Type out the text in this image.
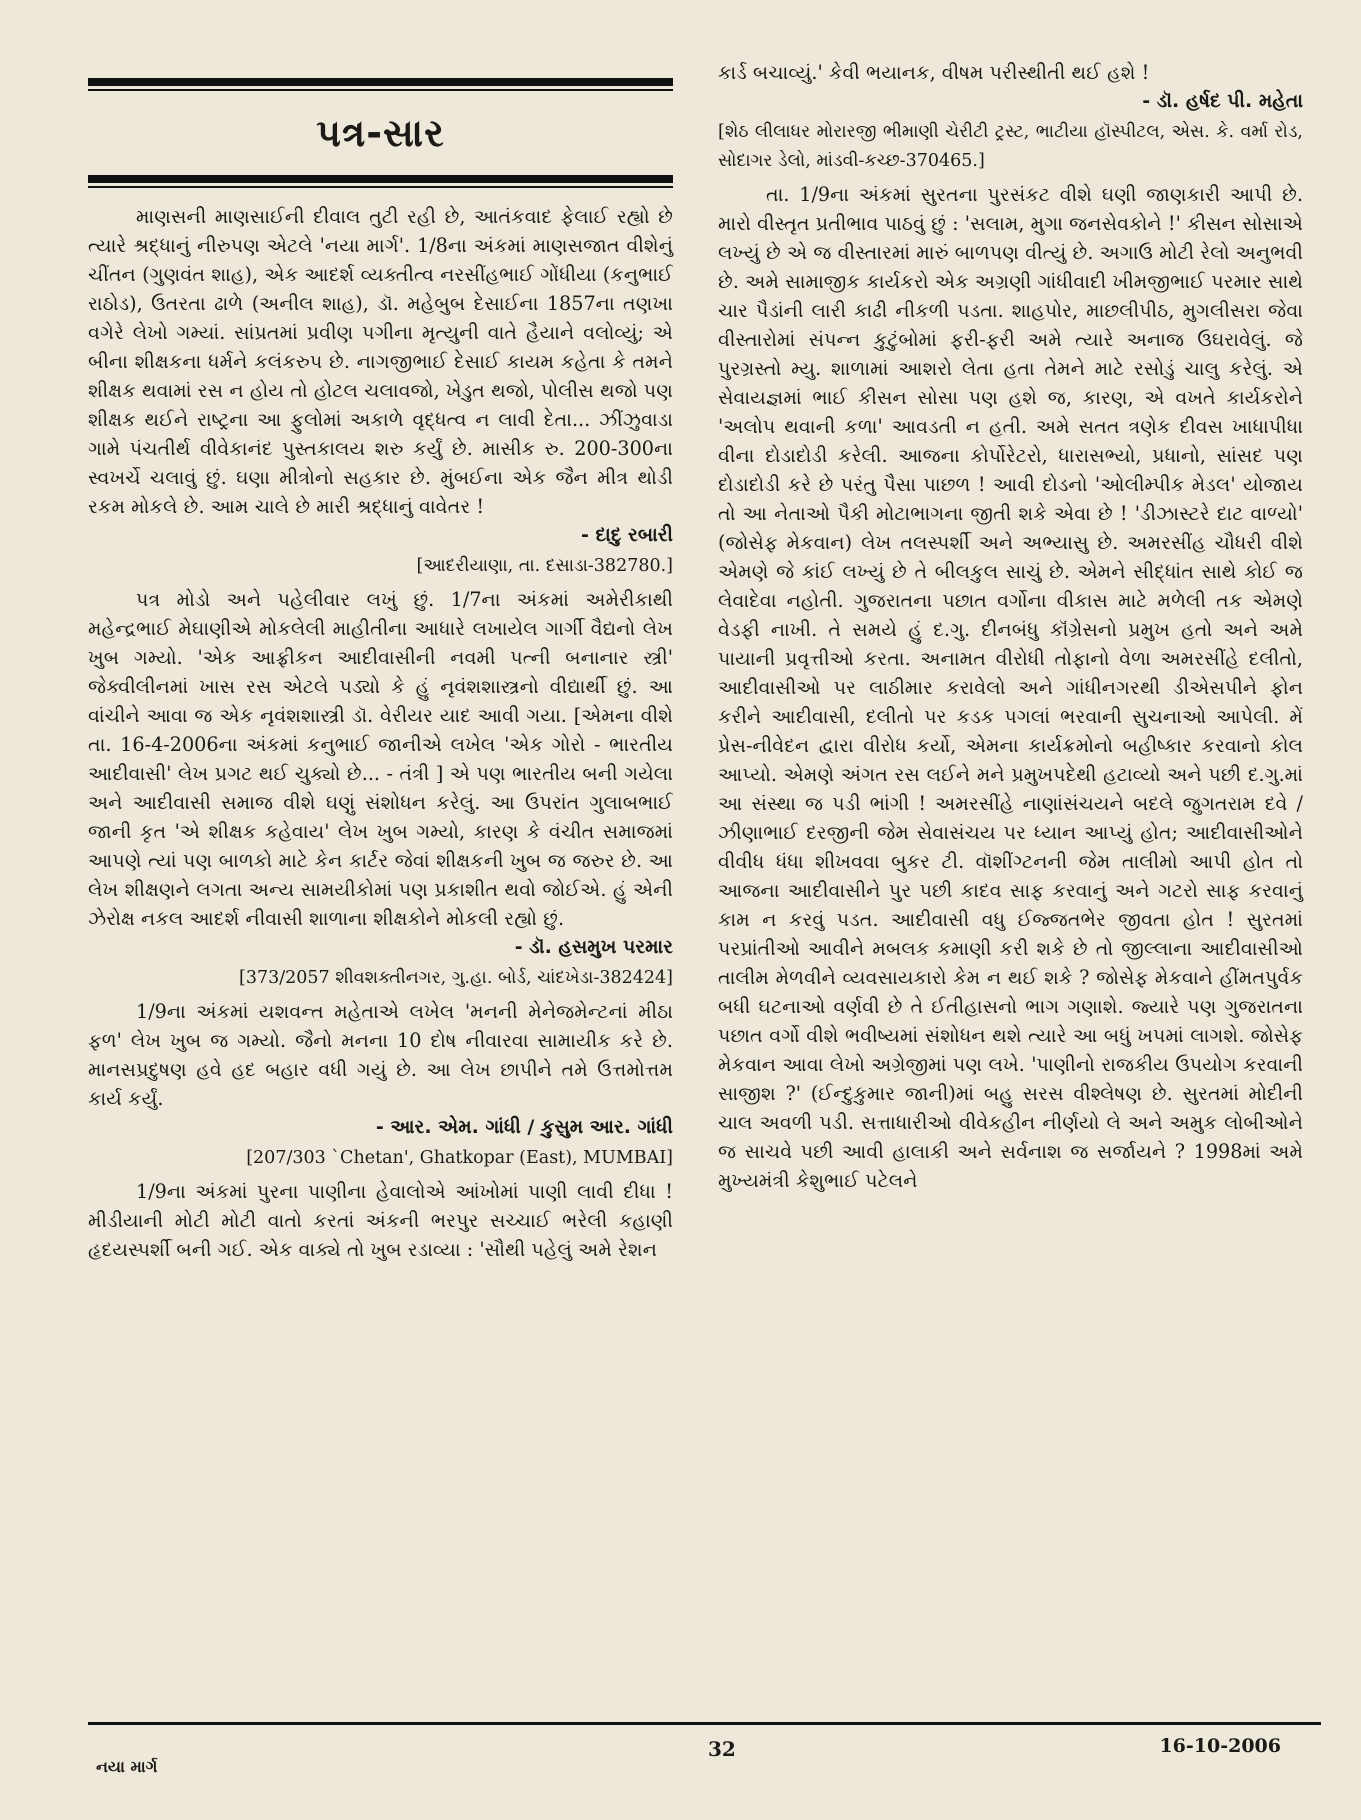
પત્ર-સાર

માણસની માણસાઈની દીવાલ તુટી રહી છે, આતંકવાદ ફેલાઈ રહ્યો છે ત્યારે શ્રદ્ધાનું નીરુપણ એટલે 'નયા માર્ગ'. 1/8ના અંકમાં માણસજાત વીશેનું ચીંતન (ગુણવંત શાહ), એક આદર્શ વ્યક્તીત્વ નરસીંહભાઈ ગોંધીયા (કનુભાઈ રાઠોડ), ઉતરતા ઢાળે (અનીલ શાહ), ડૉ. મહેબુબ દેસાઈના 1857ના તણખા વગેરે લેખો ગમ્યાં. સાંપ્રતમાં પ્રવીણ પગીના મૃત્યુની વાતે હૈયાને વલોવ્યું; એ બીના શીક્ષકના ધર્મને કલંકરુપ છે. નાગજીભાઈ દેસાઈ કાયમ કહેતા કે તમને શીક્ષક થવામાં રસ ન હોય તો હોટલ ચલાવજો, ખેડુત થજો, પોલીસ થજો પણ શીક્ષક થઈને રાષ્ટ્રના આ ફુલોમાં અકાળે વૃદ્ધત્વ ન લાવી દેતા... ઝીંઝુવાડા ગામે પંચતીર્થ વીવેકાનંદ પુસ્તકાલય શરુ કર્યું છે. માસીક રુ. 200-300ના સ્વખર્ચે ચલાવું છું. ઘણા મીત્રોનો સહકાર છે. મુંબઈના એક જૈન મીત્ર થોડી રકમ મોકલે છે. આમ ચાલે છે મારી શ્રદ્ધાનું વાવેતર !

- દાદુ રબારી

[આદરીયાણા, તા. દસાડા-382780.]

પત્ર મોડો અને પહેલીવાર લખું છું. 1/7ના અંકમાં અમેરીકાથી મહેન્દ્રભાઈ મેઘાણીએ મોકલેલી માહીતીના આધારે લખાયેલ ગાર્ગી વૈદ્યનો લેખ ખુબ ગમ્યો. 'એક આફ્રીકન આદીવાસીની નવમી પત્ની બનાનાર સ્ત્રી' જેક્વીલીનમાં ખાસ રસ એટલે પડ્યો કે હું નૃવંશશાસ્ત્રનો વીદ્યાર્થી છું. આ વાંચીને આવા જ એક નૃવંશશાસ્ત્રી ડૉ. વેરીયર યાદ આવી ગયા. [એમના વીશે તા. 16-4-2006ના અંકમાં કનુભાઈ જાનીએ લખેલ 'એક ગોરો - ભારતીય આદીવાસી' લેખ પ્રગટ થઈ ચુક્યો છે... - તંત્રી ] એ પણ ભારતીય બની ગયેલા અને આદીવાસી સમાજ વીશે ઘણું સંશોધન કરેલું. આ ઉપરાંત ગુલાબભાઈ જાની કૃત 'એ શીક્ષક કહેવાય' લેખ ખુબ ગમ્યો, કારણ કે વંચીત સમાજમાં આપણે ત્યાં પણ બાળકો માટે કેન કાર્ટર જેવાં શીક્ષકની ખુબ જ જરુર છે. આ લેખ શીક્ષણને લગતા અન્ય સામયીકોમાં પણ પ્રકાશીત થવો જોઈએ. હું એની ઝેરોક્ષ નકલ આદર્શ નીવાસી શાળાના શીક્ષકોને મોકલી રહ્યો છું.

- ડૉ. હસમુખ પરમાર

[373/2057 શીવશક્તીનગર, ગુ.હા. બોર્ડ, ચાંદખેડા-382424]

1/9ના અંકમાં યશવન્ત મહેતાએ લખેલ 'મનની મેનેજમેન્ટનાં મીઠા ફળ' લેખ ખુબ જ ગમ્યો. જૈનો મનના 10 દોષ નીવારવા સામાયીક કરે છે. માનસપ્રદુષણ હવે હદ બહાર વધી ગયું છે. આ લેખ છાપીને તમે ઉત્તમોત્તમ કાર્ય કર્યું.

- આર. એમ. ગાંધી / કુસુમ આર. ગાંધી

[207/303 `Chetan', Ghatkopar (East), MUMBAI]

1/9ના અંકમાં પુરના પાણીના હેવાલોએ આંખોમાં પાણી લાવી દીધા ! મીડીયાની મોટી મોટી વાતો કરતાં અંકની ભરપુર સચ્ચાઈ ભરેલી કહાણી હૃદયસ્પર્શી બની ગઈ. એક વાક્યે તો ખુબ રડાવ્યા : 'સૌથી પહેલું અમે રેશન

કાર્ડ બચાવ્યું.' કેવી ભયાનક, વીષમ પરીસ્થીતી થઈ હશે !

- ડૉ. હર્ષદ પી. મહેતા

[શેઠ લીલાધર મોરારજી ભીમાણી ચેરીટી ટ્રસ્ટ, ભાટીયા હૉસ્પીટલ, એસ. કે. વર્મા રોડ, સોદાગર ડેલો, માંડવી-કચ્છ-370465.]

તા. 1/9ના અંકમાં સુરતના પુરસંકટ વીશે ઘણી જાણકારી આપી છે. મારો વીસ્તૃત પ્રતીભાવ પાઠવું છું : 'સલામ, મુગા જનસેવકોને !' કીસન સોસાએ લખ્યું છે એ જ વીસ્તારમાં મારું બાળપણ વીત્યું છે. અગાઉ મોટી રેલો અનુભવી છે. અમે સામાજીક કાર્યકરો એક અગ્રણી ગાંધીવાદી ખીમજીભાઈ પરમાર સાથે ચાર પૈડાંની લારી કાઢી નીકળી પડતા. શાહપોર, માછલીપીઠ, મુગલીસરા જેવા વીસ્તારોમાં સંપન્ન કુટુંબોમાં ફરી-ફરી અમે ત્યારે અનાજ ઉઘરાવેલું. જે પુરગ્રસ્તો મ્યુ. શાળામાં આશરો લેતા હતા તેમને માટે રસોડું ચાલુ કરેલું. એ સેવાયજ્ઞમાં ભાઈ કીસન સોસા પણ હશે જ, કારણ, એ વખતે કાર્યકરોને 'અલોપ થવાની કળા' આવડતી ન હતી. અમે સતત ત્રણેક દીવસ ખાધાપીધા વીના દોડાદોડી કરેલી. આજના કોર્પોરેટરો, ધારાસભ્યો, પ્રધાનો, સાંસદ પણ દોડાદોડી કરે છે પરંતુ પૈસા પાછળ ! આવી દોડનો 'ઓલીમ્પીક મેડલ' યોજાય તો આ નેતાઓ પૈકી મોટાભાગના જીતી શકે એવા છે ! 'ડીઝાસ્ટરે દાટ વાળ્યો' (જોસેફ મેકવાન) લેખ તલસ્પર્શી અને અભ્યાસુ છે. અમરસીંહ ચૌધરી વીશે એમણે જે કાંઈ લખ્યું છે તે બીલકુલ સાચું છે. એમને સીદ્ધાંત સાથે કોઈ જ લેવાદેવા નહોતી. ગુજરાતના પછાત વર્ગોના વીકાસ માટે મળેલી તક એમણે વેડફી નાખી. તે સમયે હું દ.ગુ. દીનબંધુ કૉંગ્રેસનો પ્રમુખ હતો અને અમે પાયાની પ્રવૃત્તીઓ કરતા. અનામત વીરોધી તોફાનો વેળા અમરસીંહે દલીતો, આદીવાસીઓ પર લાઠીમાર કરાવેલો અને ગાંધીનગરથી ડીએસપીને ફોન કરીને આદીવાસી, દલીતો પર કડક પગલાં ભરવાની સુચનાઓ આપેલી. મેં પ્રેસ-નીવેદન દ્વારા વીરોધ કર્યો, એમના કાર્યક્રમોનો બહીષ્કાર કરવાનો કોલ આપ્યો. એમણે અંગત રસ લઈને મને પ્રમુખપદેથી હટાવ્યો અને પછી દ.ગુ.માં આ સંસ્થા જ પડી ભાંગી ! અમરસીંહે નાણાંસંચયને બદલે જુગતરામ દવે / ઝીણાભાઈ દરજીની જેમ સેવાસંચય પર ધ્યાન આપ્યું હોત; આદીવાસીઓને વીવીધ ધંધા શીખવવા બુકર ટી. વૉશીંગ્ટનની જેમ તાલીમો આપી હોત તો આજના આદીવાસીને પુર પછી કાદવ સાફ કરવાનું અને ગટરો સાફ કરવાનું કામ ન કરવું પડત. આદીવાસી વધુ ઈજ્જતભેર જીવતા હોત ! સુરતમાં પરપ્રાંતીઓ આવીને મબલક કમાણી કરી શકે છે તો જીલ્લાના આદીવાસીઓ તાલીમ મેળવીને વ્યવસાયકારો કેમ ન થઈ શકે ? જોસેફ મેકવાને હીંમતપુર્વક બધી ઘટનાઓ વર્ણવી છે તે ઈતીહાસનો ભાગ ગણાશે. જ્યારે પણ ગુજરાતના પછાત વર્ગો વીશે ભવીષ્યમાં સંશોધન થશે ત્યારે આ બધું ખપમાં લાગશે. જોસેફ મેકવાન આવા લેખો અગ્રેજીમાં પણ લખે. 'પાણીનો રાજકીય ઉપયોગ કરવાની સાજીશ ?' (ઈન્દુકુમાર જાની)માં બહુ સરસ વીશ્લેષણ છે. સુરતમાં મોદીની ચાલ અવળી પડી. સત્તાધારીઓ વીવેકહીન નીર્ણયો લે અને અમુક લોબીઓને જ સાચવે પછી આવી હાલાકી અને સર્વનાશ જ સર્જાયને ? 1998માં અમે મુખ્યમંત્રી કેશુભાઈ પટેલને

નયા માર્ગ
32	16-10-2006
